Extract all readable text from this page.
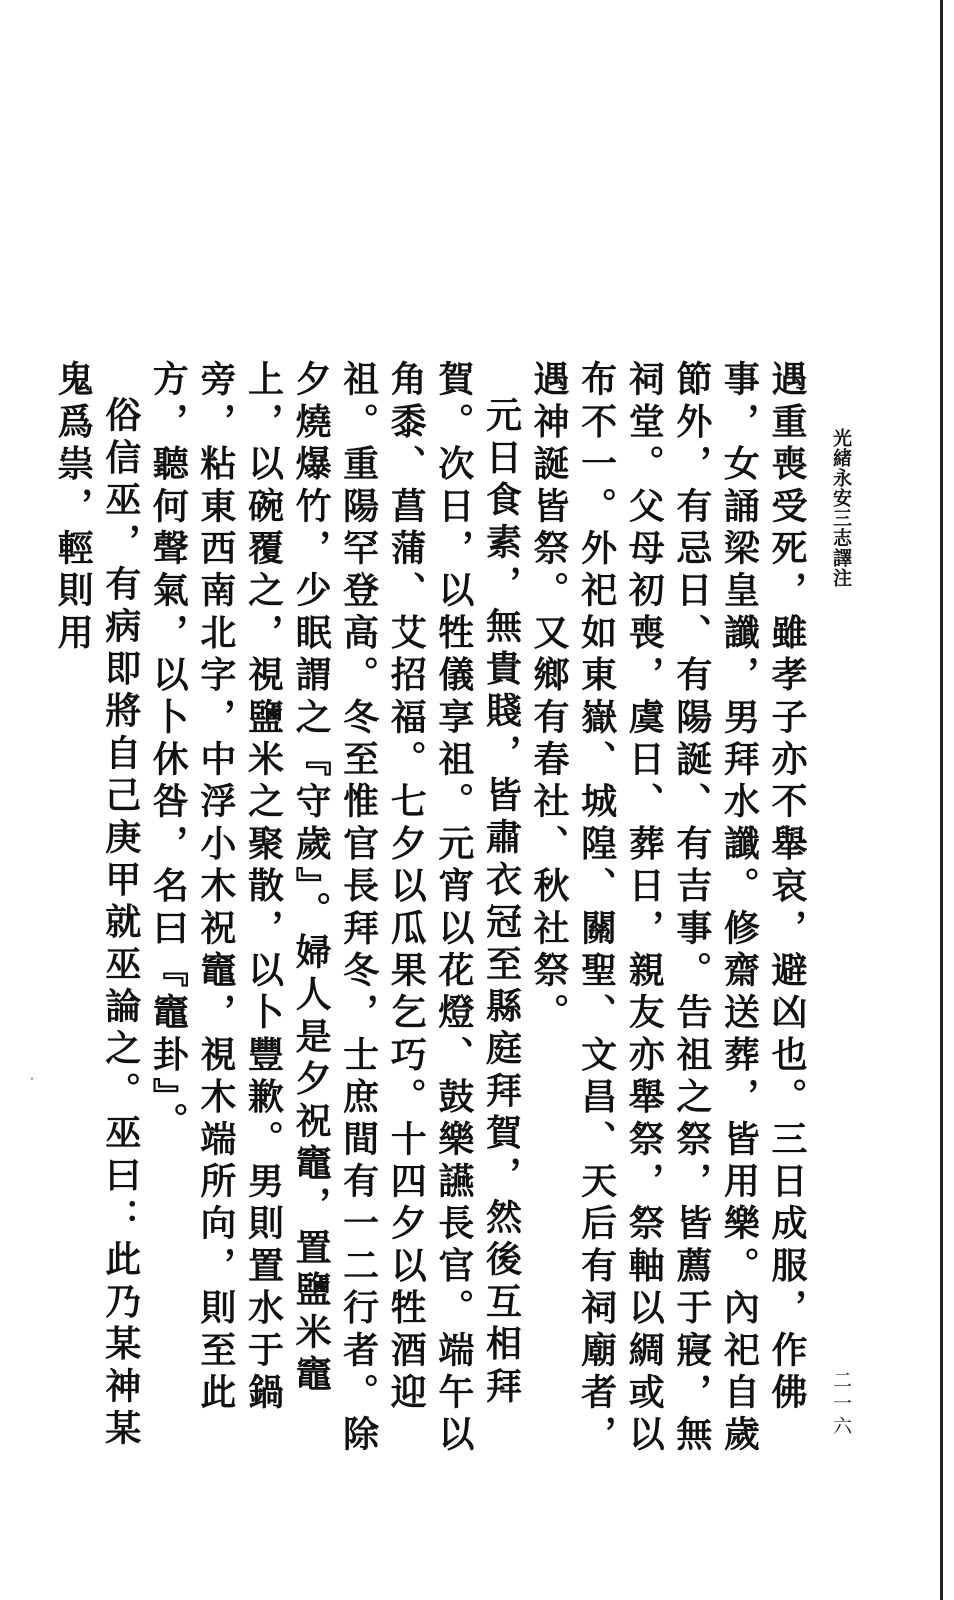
光緒永安三志譯注
二一六

遇重喪受死，雖孝子亦不舉哀，避凶也。三日成服，作佛事，女誦梁皇讖，男拜水讖。修齋送葬，皆用樂。內祀自歲節外，有忌日、有陽誕、有吉事。告祖之祭，皆薦于寢，無祠堂。父母初喪，虞日、葬日，親友亦舉祭，祭軸以綢或以布不一。外祀如東嶽、城隍、關聖、文昌、天后有祠廟者，遇神誕皆祭。又鄉有春社、秋社祭。

元日食素，無貴賤，皆肅衣冠至縣庭拜賀，然後互相拜賀。次日，以牲儀享祖。元宵以花燈、鼓樂讌長官。端午以角黍、菖蒲、艾招福。七夕以瓜果乞巧。十四夕以牲酒迎祖。重陽罕登高。冬至惟官長拜冬，士庶間有一二行者。除夕燒爆竹，少眠謂之『守歲』。婦人是夕祝竈，置鹽米竈上，以碗覆之，視鹽米之聚散，以卜豐歉。男則置水于鍋旁，粘東西南北字，中浮小木祝竈，視木端所向，則至此方，聽何聲氣，以卜休咎，名曰『竈卦』。

俗信巫，有病即將自己庚甲就巫論之。巫曰：此乃某神某鬼爲祟，輕則用

∘
